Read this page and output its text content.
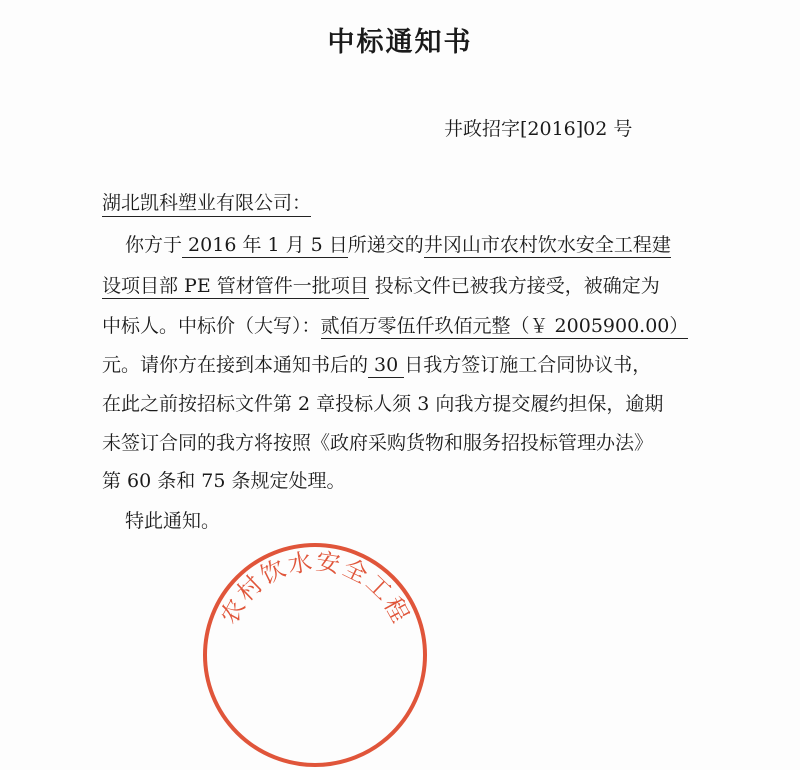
中标通知书
井政招字[2016]02 号
湖北凯科塑业有限公司：
你方于 2016 年 1 月 5 日所递交的井冈山市农村饮水安全工程建
设项目部 PE 管材管件一批项目 投标文件已被我方接受，被确定为
中标人。中标价（大写）：贰佰万零伍仟玖佰元整（￥ 2005900.00）
元。请你方在接到本通知书后的 30 日我方签订施工合同协议书，
在此之前按招标文件第 2 章投标人须 3 向我方提交履约担保，逾期
未签订合同的我方将按照《政府采购货物和服务招投标管理办法》
第 60 条和 75 条规定处理。
特此通知。
农村饮水安全工程
